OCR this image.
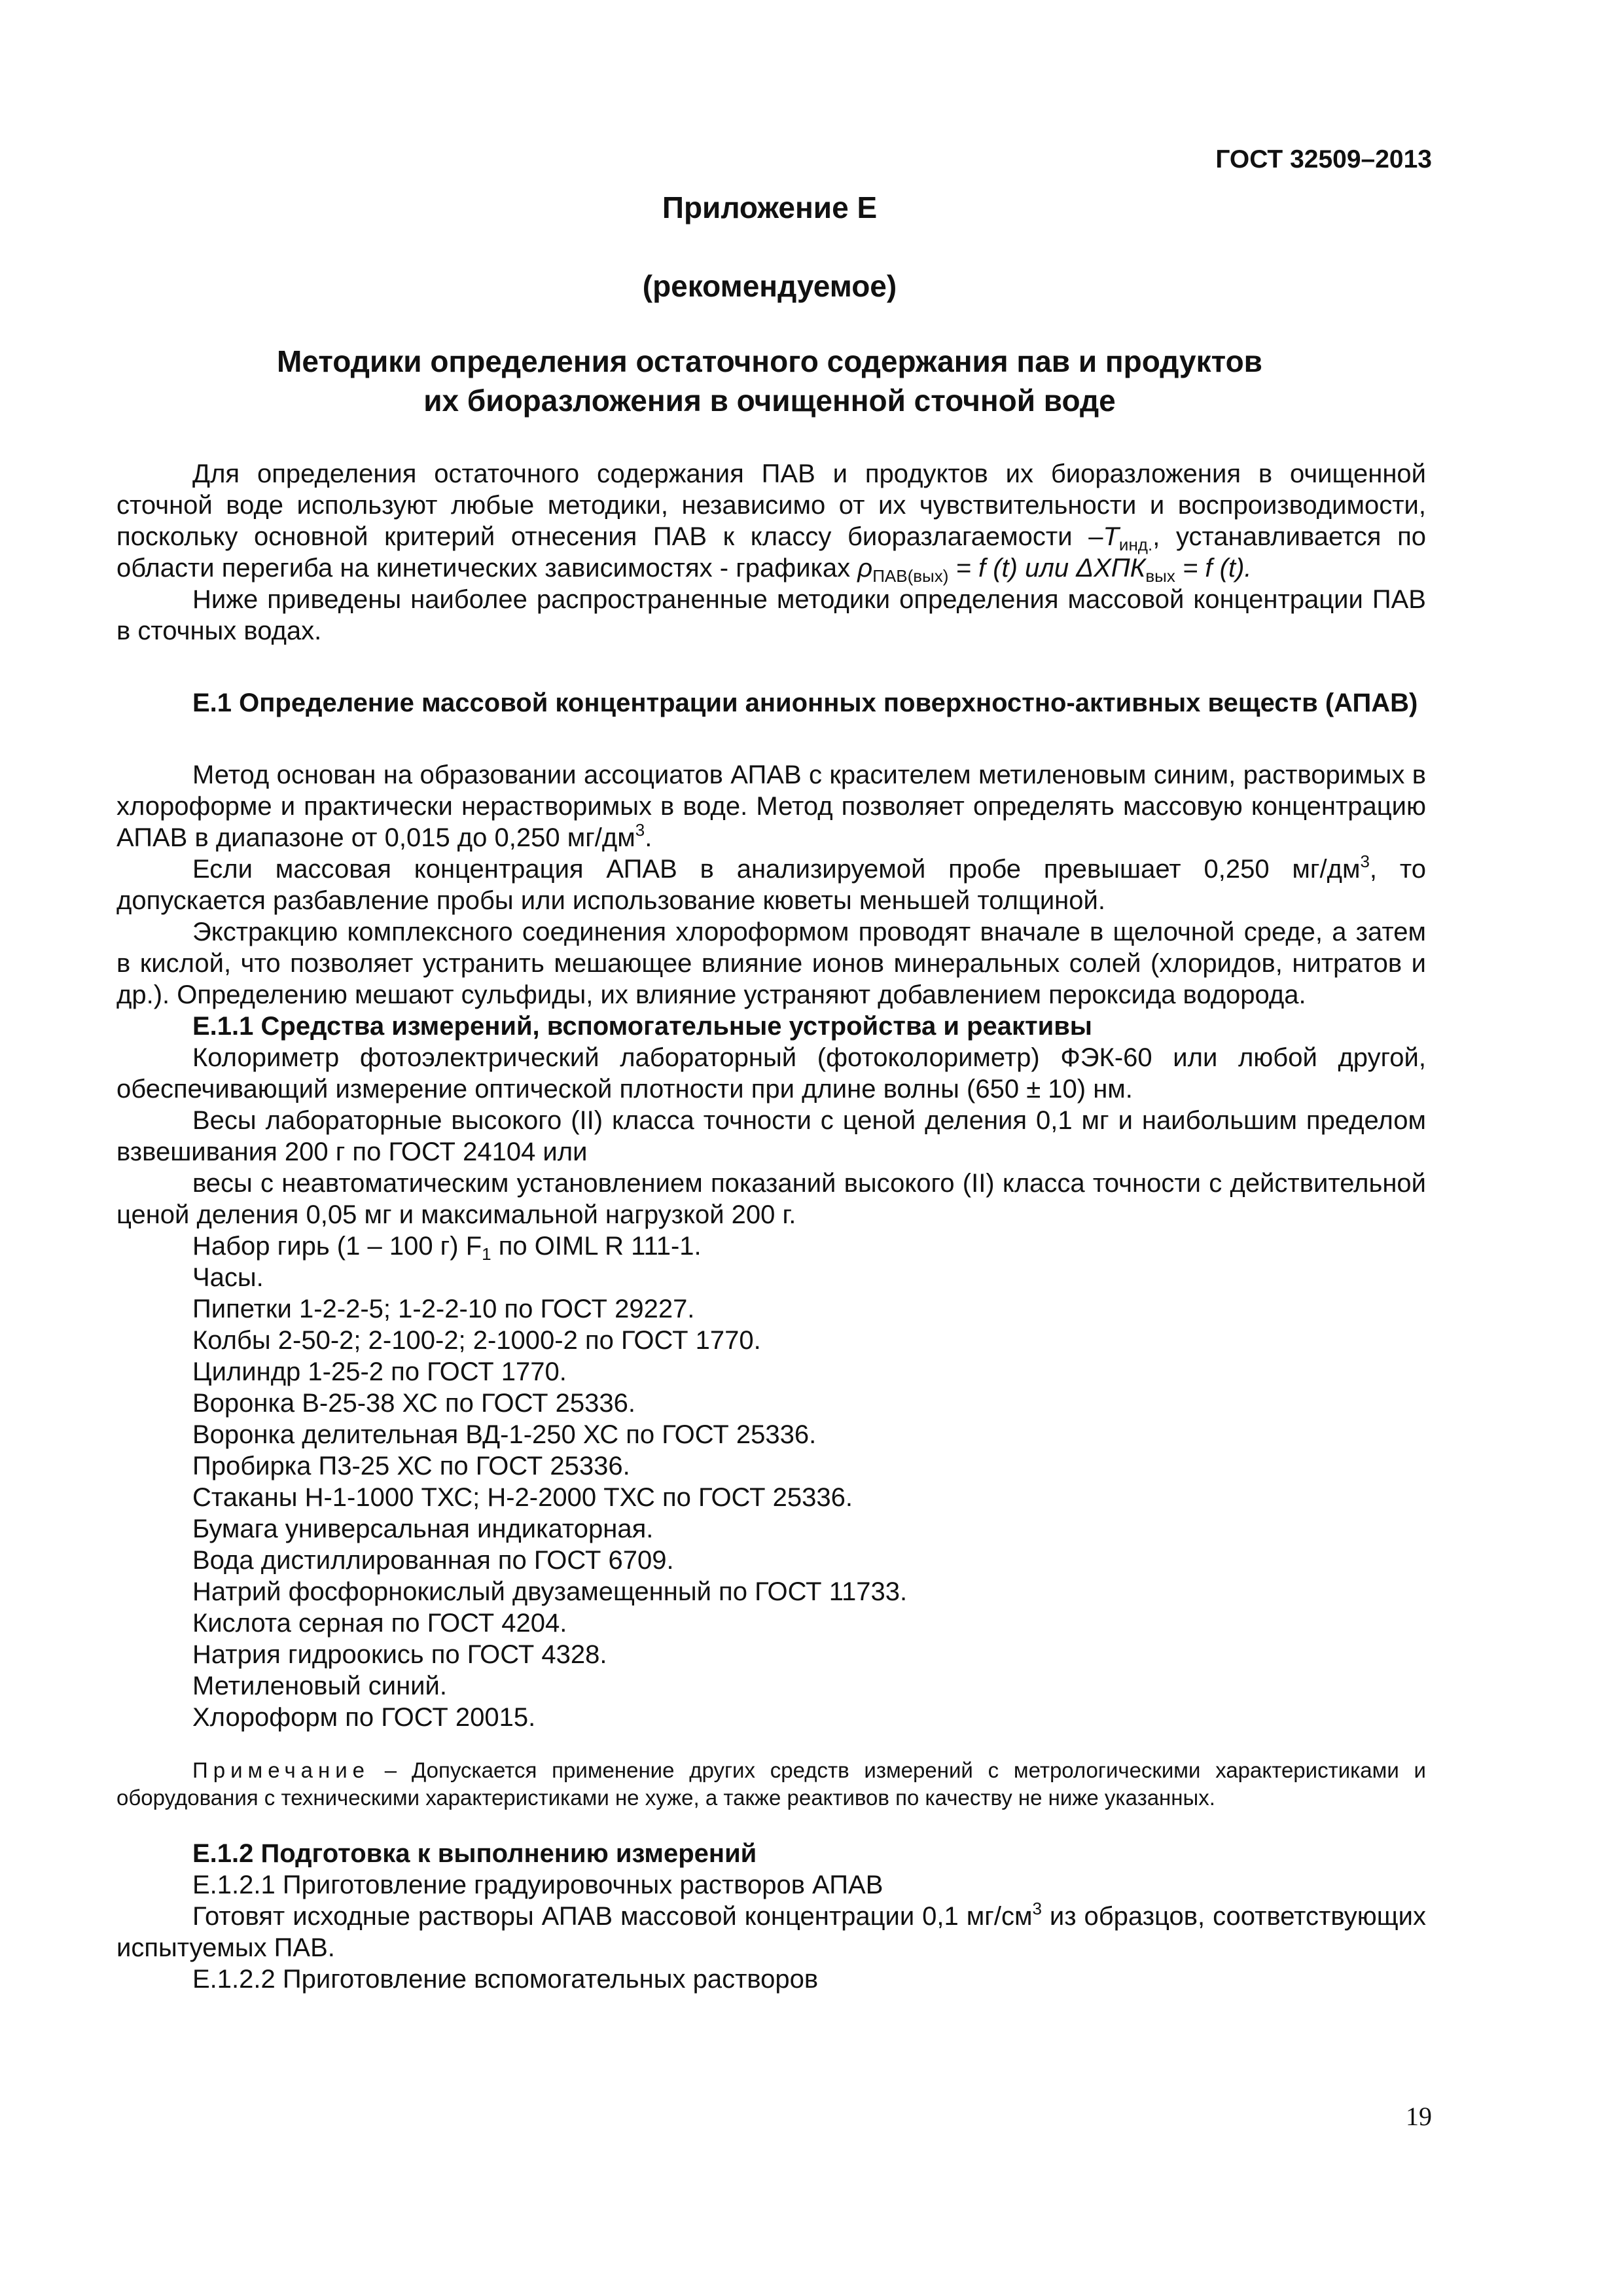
ГОСТ 32509–2013
Приложение Е
(рекомендуемое)
Методики определения остаточного содержания пав и продуктов
их биоразложения в очищенной сточной воде

Для определения остаточного содержания ПАВ и продуктов их биоразложения в очищенной сточной воде используют любые методики, независимо от их чувствительности и воспроизводимости, поскольку основной критерий отнесения ПАВ к классу биоразлагаемости $-Т_{инд.}$, устанавливается по области перегиба на кинетических зависимостях - графиках $\rho_{ПАВ(вых)} = f$ (t) или $\Delta ХПК_{вых} = f$ (t).

Ниже приведены наиболее распространенные методики определения массовой концентрации ПАВ в сточных водах.

Е.1 Определение массовой концентрации анионных поверхностно-активных веществ (АПАВ)

Метод основан на образовании ассоциатов АПАВ с красителем метиленовым синим, растворимых в хлороформе и практически нерастворимых в воде. Метод позволяет определять массовую концентрацию АПАВ в диапазоне от 0,015 до 0,250 $мг/дм^3$.

Если массовая концентрация АПАВ в анализируемой пробе превышает 0,250 $мг/дм^3$, то допускается разбавление пробы или использование кюветы меньшей толщиной.

Экстракцию комплексного соединения хлороформом проводят вначале в щелочной среде, а затем в кислой, что позволяет устранить мешающее влияние ионов минеральных солей (хлоридов, нитратов и др.). Определению мешают сульфиды, их влияние устраняют добавлением пероксида водорода.

Е.1.1 Средства измерений, вспомогательные устройства и реактивы

Колориметр фотоэлектрический лабораторный (фотоколориметр) ФЭК-60 или любой другой, обеспечивающий измерение оптической плотности при длине волны (650 ± 10) нм.

Весы лабораторные высокого (II) класса точности с ценой деления 0,1 мг и наибольшим пределом взвешивания 200 г по ГОСТ 24104 или

весы с неавтоматическим установлением показаний высокого (II) класса точности с действительной ценой деления 0,05 мг и максимальной нагрузкой 200 г.

Набор гирь (1 – 100 г) $F_1$ по OIML R 111-1.

Часы.

Пипетки 1-2-2-5; 1-2-2-10 по ГОСТ 29227.

Колбы 2-50-2; 2-100-2; 2-1000-2 по ГОСТ 1770.

Цилиндр 1-25-2 по ГОСТ 1770.

Воронка В-25-38 ХС по ГОСТ 25336.

Воронка делительная ВД-1-250 ХС по ГОСТ 25336.

Пробирка П3-25 ХС по ГОСТ 25336.

Стаканы Н-1-1000 ТХС; Н-2-2000 ТХС по ГОСТ 25336.

Бумага универсальная индикаторная.

Вода дистиллированная по ГОСТ 6709.

Натрий фосфорнокислый двузамещенный по ГОСТ 11733.

Кислота серная по ГОСТ 4204.

Натрия гидроокись по ГОСТ 4328.

Метиленовый синий.

Хлороформ по ГОСТ 20015.

Примечание – Допускается применение других средств измерений с метрологическими характеристиками и оборудования с техническими характеристиками не хуже, а также реактивов по качеству не ниже указанных.

Е.1.2 Подготовка к выполнению измерений

Е.1.2.1 Приготовление градуировочных растворов АПАВ

Готовят исходные растворы АПАВ массовой концентрации 0,1 $мг/см^3$ из образцов, соответствующих испытуемых ПАВ.

Е.1.2.2 Приготовление вспомогательных растворов

19
